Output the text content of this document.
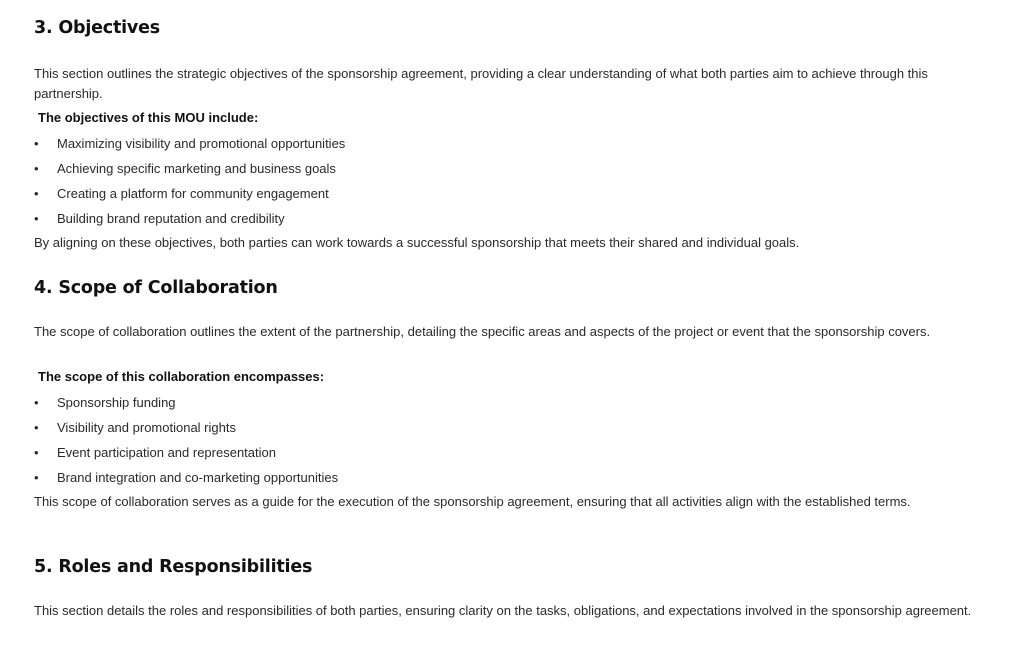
3. Objectives

This section outlines the strategic objectives of the sponsorship agreement, providing a clear understanding of what both parties aim to achieve through this partnership.

The objectives of this MOU include:

• Maximizing visibility and promotional opportunities
• Achieving specific marketing and business goals
• Creating a platform for community engagement
• Building brand reputation and credibility

By aligning on these objectives, both parties can work towards a successful sponsorship that meets their shared and individual goals.

4. Scope of Collaboration

The scope of collaboration outlines the extent of the partnership, detailing the specific areas and aspects of the project or event that the sponsorship covers.

The scope of this collaboration encompasses:

• Sponsorship funding
• Visibility and promotional rights
• Event participation and representation
• Brand integration and co-marketing opportunities

This scope of collaboration serves as a guide for the execution of the sponsorship agreement, ensuring that all activities align with the established terms.

5. Roles and Responsibilities

This section details the roles and responsibilities of both parties, ensuring clarity on the tasks, obligations, and expectations involved in the sponsorship agreement.
